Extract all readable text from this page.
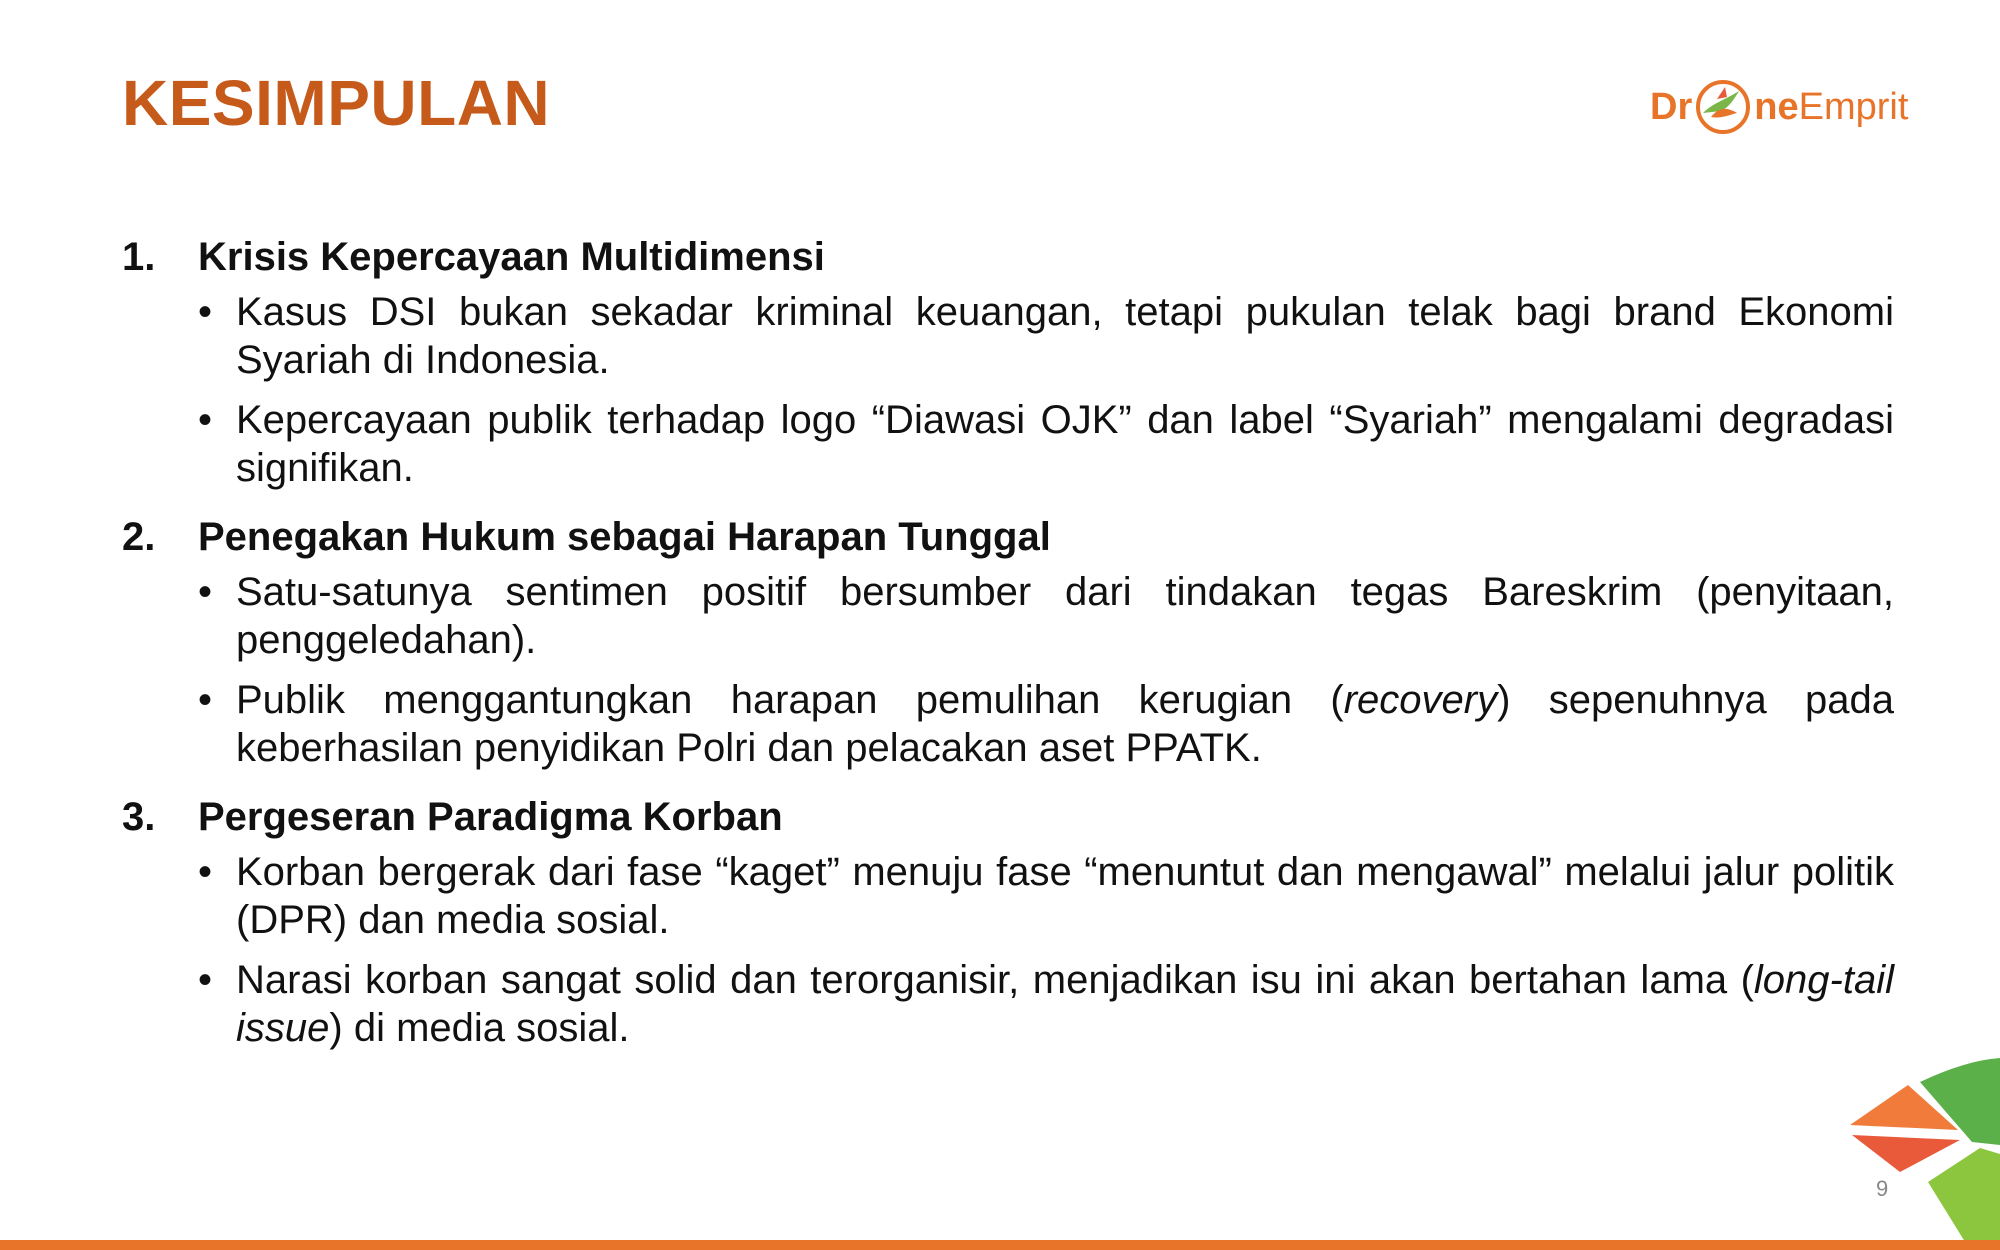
KESIMPULAN	Dr ne Emprit
1.	Krisis Kepercayaan Multidimensi
• Kasus DSI bukan sekadar kriminal keuangan, tetapi pukulan telak bagi brand Ekonomi Syariah di Indonesia.
• Kepercayaan publik terhadap logo “Diawasi OJK” dan label “Syariah” mengalami degradasi signifikan.
2.	Penegakan Hukum sebagai Harapan Tunggal
• Satu-satunya sentimen positif bersumber dari tindakan tegas Bareskrim (penyitaan, penggeledahan).
• Publik menggantungkan harapan pemulihan kerugian (recovery) sepenuhnya pada keberhasilan penyidikan Polri dan pelacakan aset PPATK.
3.	Pergeseran Paradigma Korban
• Korban bergerak dari fase “kaget” menuju fase “menuntut dan mengawal” melalui jalur politik (DPR) dan media sosial.
• Narasi korban sangat solid dan terorganisir, menjadikan isu ini akan bertahan lama (long-tail issue) di media sosial.
9
